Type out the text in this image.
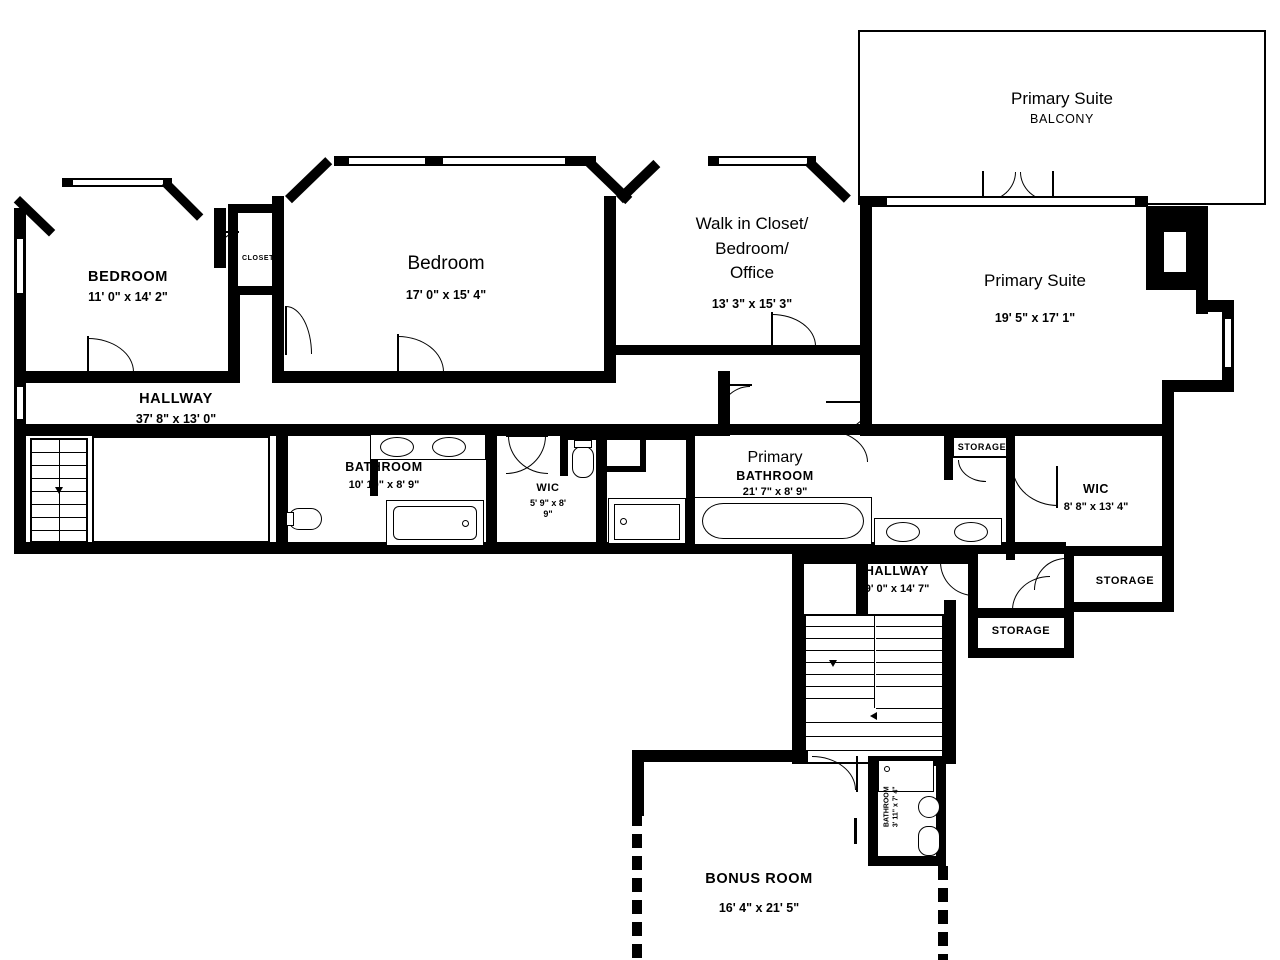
Primary Suite
BALCONY
BEDROOM
11' 0" x 14' 2"
CLOSET	Bedroom
17' 0" x 15' 4"
Walk in Closet/
Bedroom/
Office
13' 3" x 15' 3"
Primary Suite
19' 5" x 17' 1"
HALLWAY
37' 8" x 13' 0"
BATHROOM
10' 10" x 8' 9"	WIC
5' 9" x 8'
9"
Primary
BATHROOM
21' 7" x 8' 9"
STORAGE
WIC
8' 8" x 13' 4"
STORAGE
STORAGE
HALLWAY
9' 0" x 14' 7"
BATHROOM 3' 11" x 7' 4"
BONUS ROOM
16' 4" x 21' 5"
